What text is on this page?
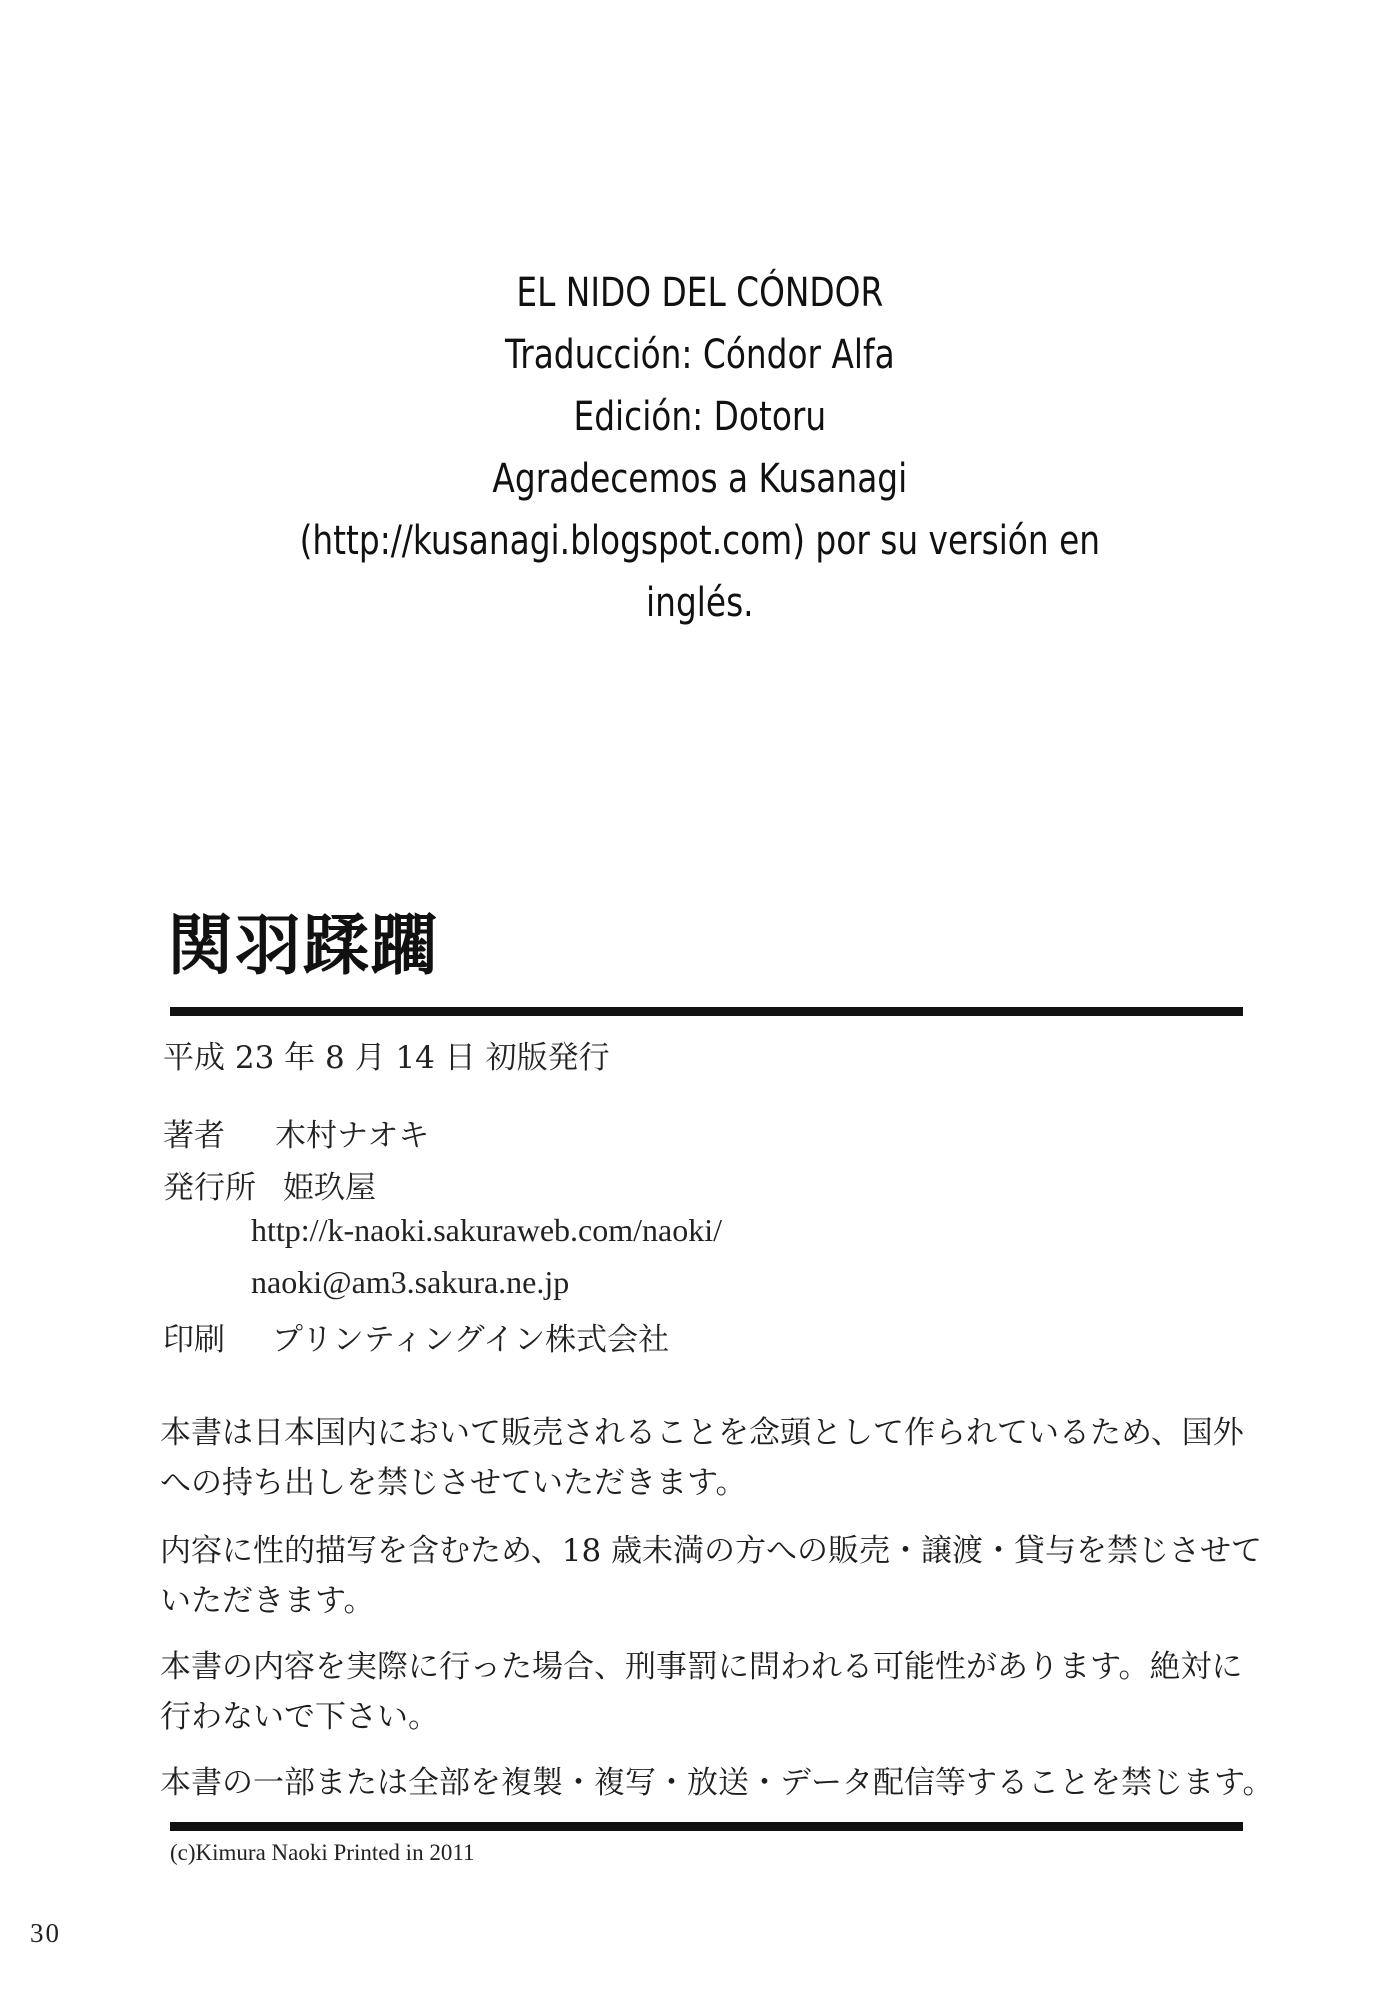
EL NIDO DEL CÓNDOR
Traducción: Cóndor Alfa
Edición: Dotoru
Agradecemos a Kusanagi
(http://kusanagi.blogspot.com) por su versión en
inglés.
関羽蹂躙
平成 23 年 8 月 14 日 初版発行
著者 木村ナオキ
発行所 姫玖屋
http://k-naoki.sakuraweb.com/naoki/
naoki@am3.sakura.ne.jp
印刷 プリンティングイン株式会社
本書は日本国内において販売されることを念頭として作られているため、国外への持ち出しを禁じさせていただきます。
内容に性的描写を含むため、18 歳未満の方への販売・譲渡・貸与を禁じさせていただきます。
本書の内容を実際に行った場合、刑事罰に問われる可能性があります。絶対に行わないで下さい。
本書の一部または全部を複製・複写・放送・データ配信等することを禁じます。
(c)Kimura Naoki Printed in 2011
30
